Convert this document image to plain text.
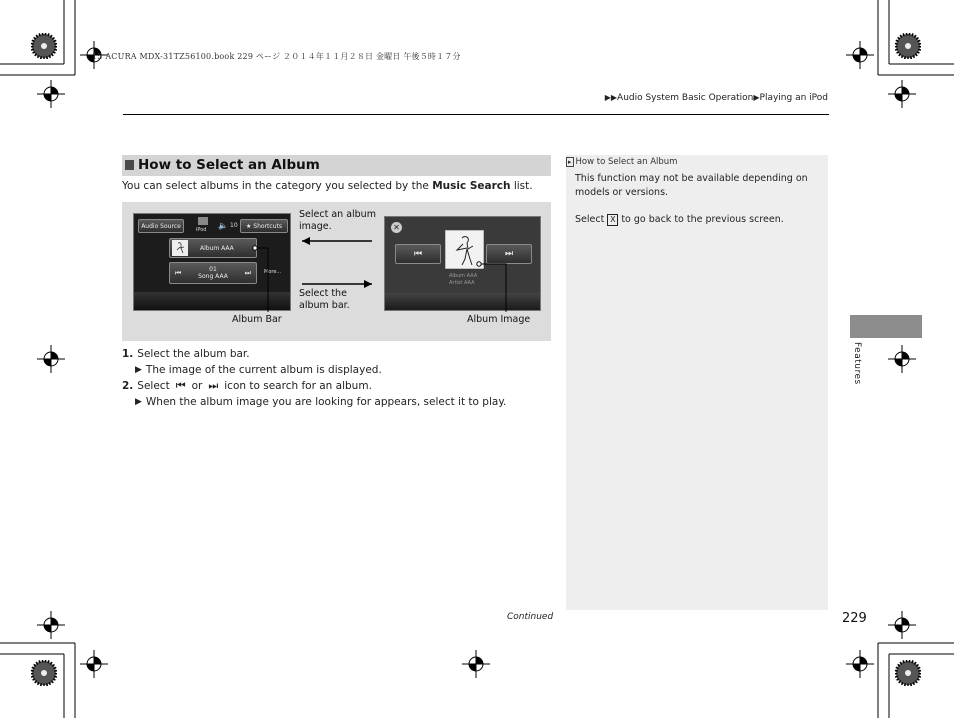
15 ACURA MDX-31TZ56100.book 229 ページ ２０１４年１１月２８日 金曜日 午後５時１７分
▶▶Audio System Basic Operation▶Playing an iPod
How to Select an Album
You can select albums in the category you selected by the Music Search list.
Audio Source
iPod 🔈 10	★ Shortcuts
Album AAA
⏮	01
Song AAA ⏭	More...
✕
⏮	⏭
Album AAA
Artist AAA
Select an album
image.
Select the
album bar.
Album Bar	Album Image
1. Select the album bar.
▶ The image of the current album is displayed.
2. Select ⏮ or ⏭ icon to search for an album.
▶ When the album image you are looking for appears, select it to play.
▸ How to Select an Album
This function may not be available depending on
models or versions.
Select X to go back to the previous screen.
Features
Continued	229
